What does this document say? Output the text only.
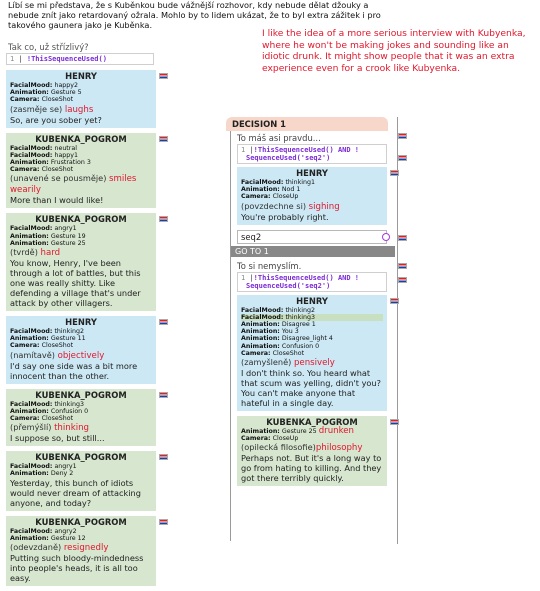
Líbí se mi představa, že s Kuběnkou bude vážnější rozhovor, kdy nebude dělat džouky a nebude znít jako retardovaný ožrala. Mohlo by to lidem ukázat, že to byl extra zážitek i pro takového gaunera jako je Kuběnka.
I like the idea of a more serious interview with Kubyenka, where he won't be making jokes and sounding like an idiotic drunk. It might show people that it was an extra experience even for a crook like Kubyenka.
Tak co, už střízlivý?
1 | !ThisSequenceUsed()
HENRY
FacialMood: happy2
Animation: Gesture 5
Camera: CloseShot
(zasměje se) laughs
So, are you sober yet?
KUBENKA_POGROM
FacialMood: neutral
FacialMood: happy1
Animation: Frustration 3
Camera: CloseShot
(unavené se pousměje) smiles wearily
More than I would like!
KUBENKA_POGROM
FacialMood: angry1
Animation: Gesture 19
Animation: Gesture 25
(tvrdě) hard
You know, Henry, I've been through a lot of battles, but this one was really shitty. Like defending a village that's under attack by other villagers.
HENRY
FacialMood: thinking2
Animation: Gesture 11
Camera: CloseShot
(namítavě) objectively
I'd say one side was a bit more innocent than the other.
KUBENKA_POGROM
FacialMood: thinking3
Animation: Confusion 0
Camera: CloseShot
(přemýšlí) thinking
I suppose so, but still...
KUBENKA_POGROM
FacialMood: angry1
Animation: Deny 2
Yesterday, this bunch of idiots would never dream of attacking anyone, and today?
KUBENKA_POGROM
FacialMood: angry2
Animation: Gesture 12
(odevzdaně) resignedly
Putting such bloody-mindedness into people's heads, it is all too easy.
DECISION 1
To máš asi pravdu...
1 |!ThisSequenceUsed() AND !
SequenceUsed('seq2')
HENRY
FacialMood: thinking1
Animation: Nod 1
Camera: CloseUp
(povzdechne si) sighing
You're probably right.
seq2
GO TO 1
To si nemyslím.
1 |!ThisSequenceUsed() AND !
SequenceUsed('seq2')
HENRY
FacialMood: thinking2
FacialMood: thinking3
Animation: Disagree 1
Animation: You 3
Animation: Disagree_light 4
Animation: Confusion 0
Camera: CloseShot
(zamyšleně) pensively
I don't think so. You heard what that scum was yelling, didn't you? You can't make anyone that hateful in a single day.
KUBENKA_POGROM
Animation: Gesture 25 drunken
Camera: CloseUp
(opilecká filosofie)philosophy
Perhaps not. But it's a long way to go from hating to killing. And they got there terribly quickly.
